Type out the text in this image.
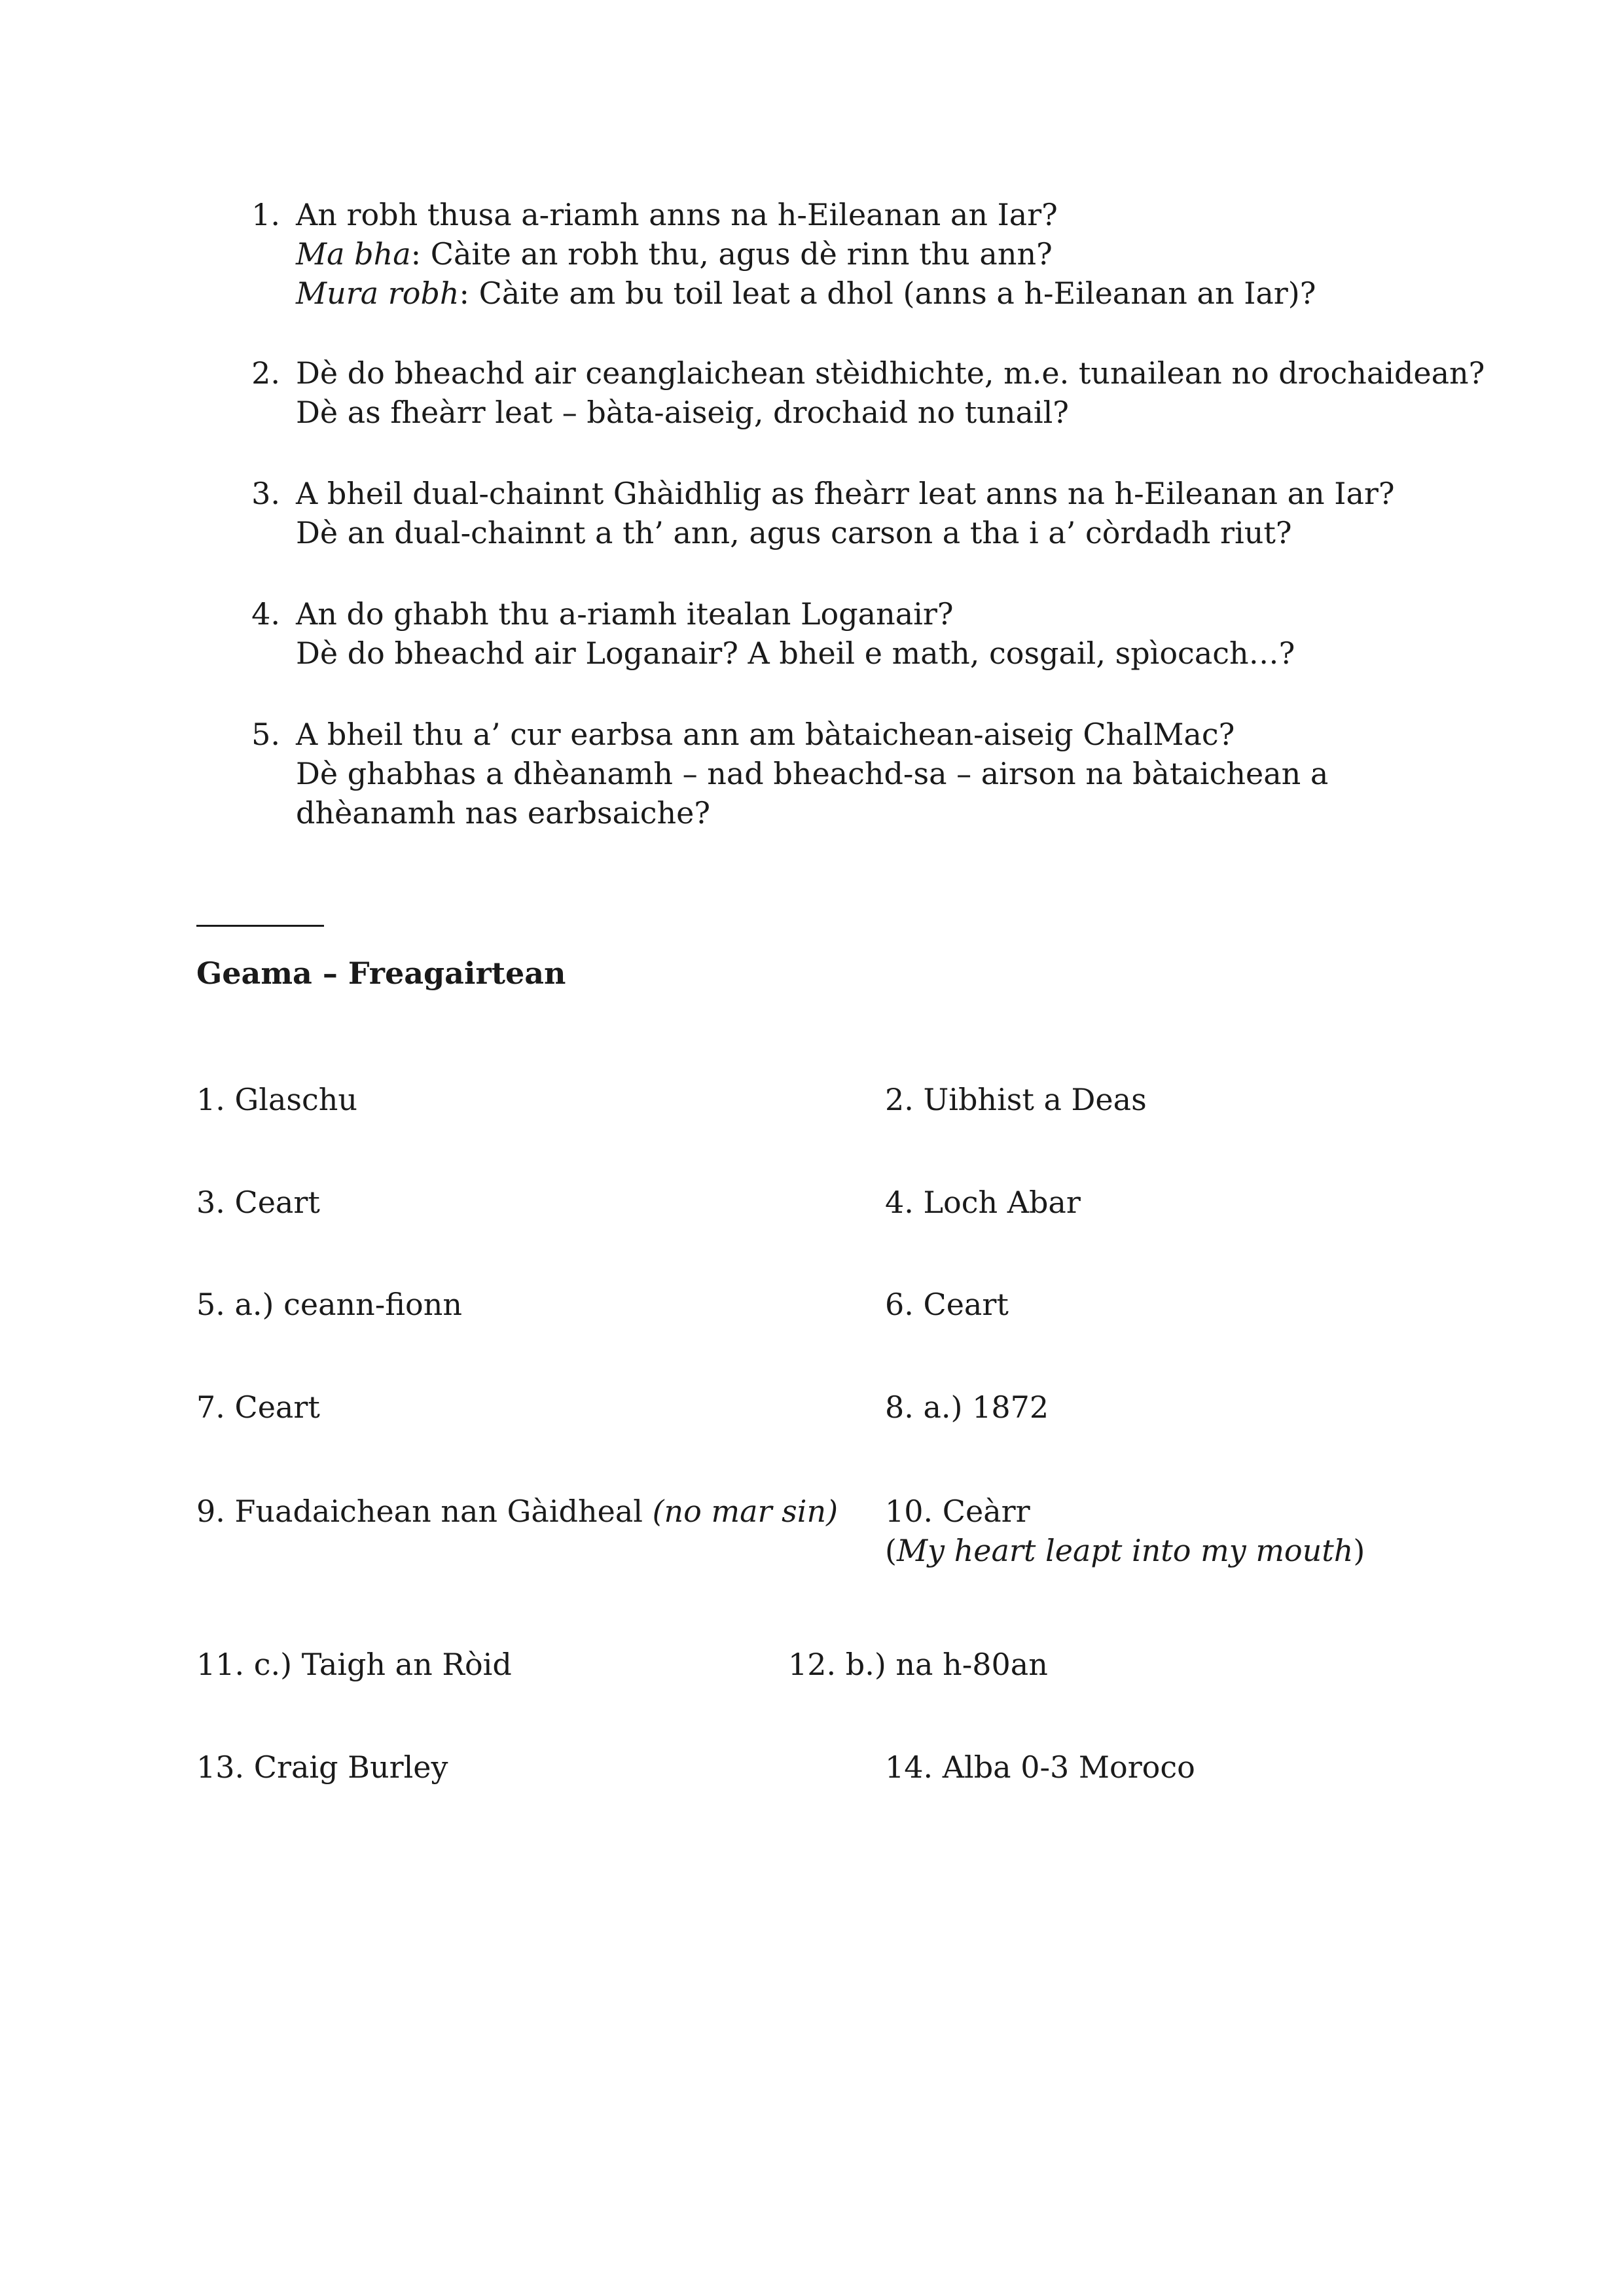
1. An robh thusa a-riamh anns na h-Eileanan an Iar?
Ma bha: Càite an robh thu, agus dè rinn thu ann?
Mura robh: Càite am bu toil leat a dhol (anns a h-Eileanan an Iar)?
2. Dè do bheachd air ceanglaichean stèidhichte, m.e. tunailean no drochaidean?
Dè as fheàrr leat – bàta-aiseig, drochaid no tunail?
3. A bheil dual-chainnt Ghàidhlig as fheàrr leat anns na h-Eileanan an Iar?
Dè an dual-chainnt a th’ ann, agus carson a tha i a’ còrdadh riut?
4. An do ghabh thu a-riamh itealan Loganair?
Dè do bheachd air Loganair? A bheil e math, cosgail, spìocach…?
5. A bheil thu a’ cur earbsa ann am bàtaichean-aiseig ChalMac?
Dè ghabhas a dhèanamh – nad bheachd-sa – airson na bàtaichean a
dhèanamh nas earbsaiche?
Geama – Freagairtean
1. Glaschu	2. Uibhist a Deas
3. Ceart	4. Loch Abar
5. a.) ceann-fionn	6. Ceart
7. Ceart	8. a.) 1872
9. Fuadaichean nan Gàidheal (no mar sin) 10. Ceàrr
(My heart leapt into my mouth)
11. c.) Taigh an Ròid	12. b.) na h-80an
13. Craig Burley	14. Alba 0-3 Moroco
